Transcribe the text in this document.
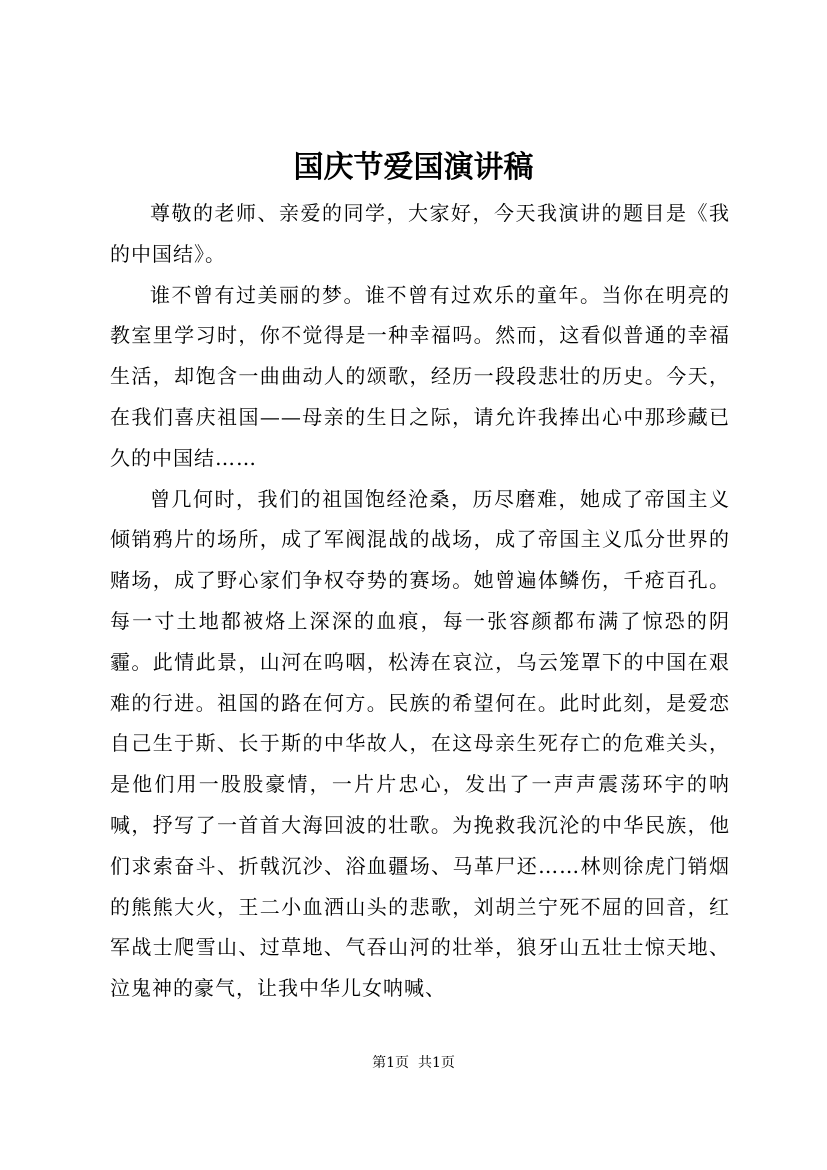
国庆节爱国演讲稿

尊敬的老师、亲爱的同学，大家好，今天我演讲的题目是《我的中国结》。

谁不曾有过美丽的梦。谁不曾有过欢乐的童年。当你在明亮的教室里学习时，你不觉得是一种幸福吗。然而，这看似普通的幸福生活，却饱含一曲曲动人的颂歌，经历一段段悲壮的历史。今天，在我们喜庆祖国——母亲的生日之际，请允许我捧出心中那珍藏已久的中国结……

曾几何时，我们的祖国饱经沧桑，历尽磨难，她成了帝国主义倾销鸦片的场所，成了军阀混战的战场，成了帝国主义瓜分世界的赌场，成了野心家们争权夺势的赛场。她曾遍体鳞伤，千疮百孔。每一寸土地都被烙上深深的血痕，每一张容颜都布满了惊恐的阴霾。此情此景，山河在呜咽，松涛在哀泣，乌云笼罩下的中国在艰难的行进。祖国的路在何方。民族的希望何在。此时此刻，是爱恋自己生于斯、长于斯的中华故人，在这母亲生死存亡的危难关头，是他们用一股股豪情，一片片忠心，发出了一声声震荡环宇的呐喊，抒写了一首首大海回波的壮歌。为挽救我沉沦的中华民族，他们求索奋斗、折戟沉沙、浴血疆场、马革尸还……林则徐虎门销烟的熊熊大火，王二小血洒山头的悲歌，刘胡兰宁死不屈的回音，红军战士爬雪山、过草地、气吞山河的壮举，狼牙山五壮士惊天地、泣鬼神的豪气，让我中华儿女呐喊、

第1页  共1页
